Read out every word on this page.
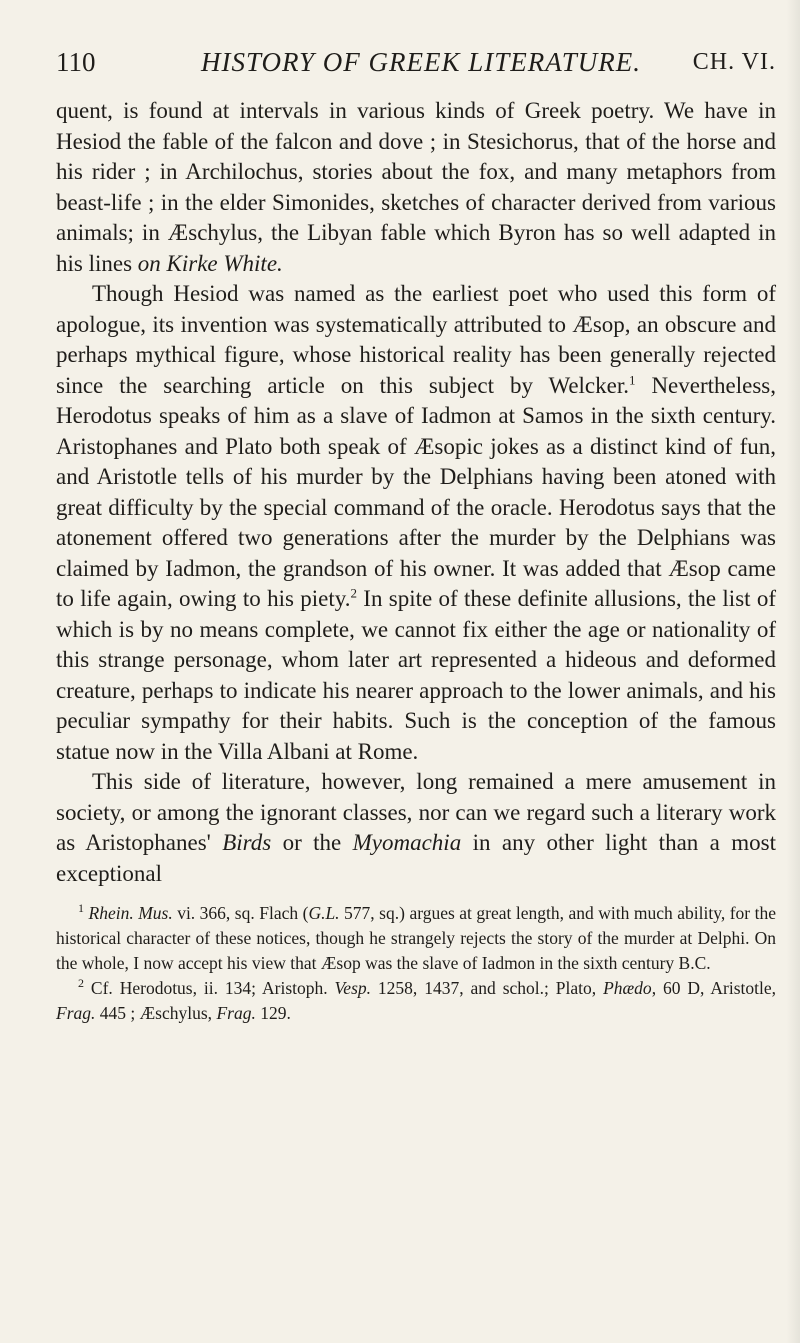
110	HISTORY OF GREEK LITERATURE. CH. VI.

quent, is found at intervals in various kinds of Greek poetry. We have in Hesiod the fable of the falcon and dove ; in Stesichorus, that of the horse and his rider ; in Archilochus, stories about the fox, and many metaphors from beast-life ; in the elder Simonides, sketches of character derived from various animals; in Æschylus, the Libyan fable which Byron has so well adapted in his lines on Kirke White.

Though Hesiod was named as the earliest poet who used this form of apologue, its invention was systematically attributed to Æsop, an obscure and perhaps mythical figure, whose historical reality has been generally rejected since the searching article on this subject by Welcker.$^1$ Nevertheless, Herodotus speaks of him as a slave of Iadmon at Samos in the sixth century. Aristophanes and Plato both speak of Æsopic jokes as a distinct kind of fun, and Aristotle tells of his murder by the Delphians having been atoned with great difficulty by the special command of the oracle. Herodotus says that the atonement offered two generations after the murder by the Delphians was claimed by Iadmon, the grandson of his owner. It was added that Æsop came to life again, owing to his piety.$^2$ In spite of these definite allusions, the list of which is by no means complete, we cannot fix either the age or nationality of this strange personage, whom later art represented a hideous and deformed creature, perhaps to indicate his nearer approach to the lower animals, and his peculiar sympathy for their habits. Such is the conception of the famous statue now in the Villa Albani at Rome.

This side of literature, however, long remained a mere amusement in society, or among the ignorant classes, nor can we regard such a literary work as Aristophanes' Birds or the Myomachia in any other light than a most exceptional

$^1$ Rhein. Mus. vi. 366, sq. Flach (G.L. 577, sq.) argues at great length, and with much ability, for the historical character of these notices, though he strangely rejects the story of the murder at Delphi. On the whole, I now accept his view that Æsop was the slave of Iadmon in the sixth century B.C.

$^2$ Cf. Herodotus, ii. 134; Aristoph. Vesp. 1258, 1437, and schol.; Plato, Phædo, 60 D, Aristotle, Frag. 445 ; Æschylus, Frag. 129.
